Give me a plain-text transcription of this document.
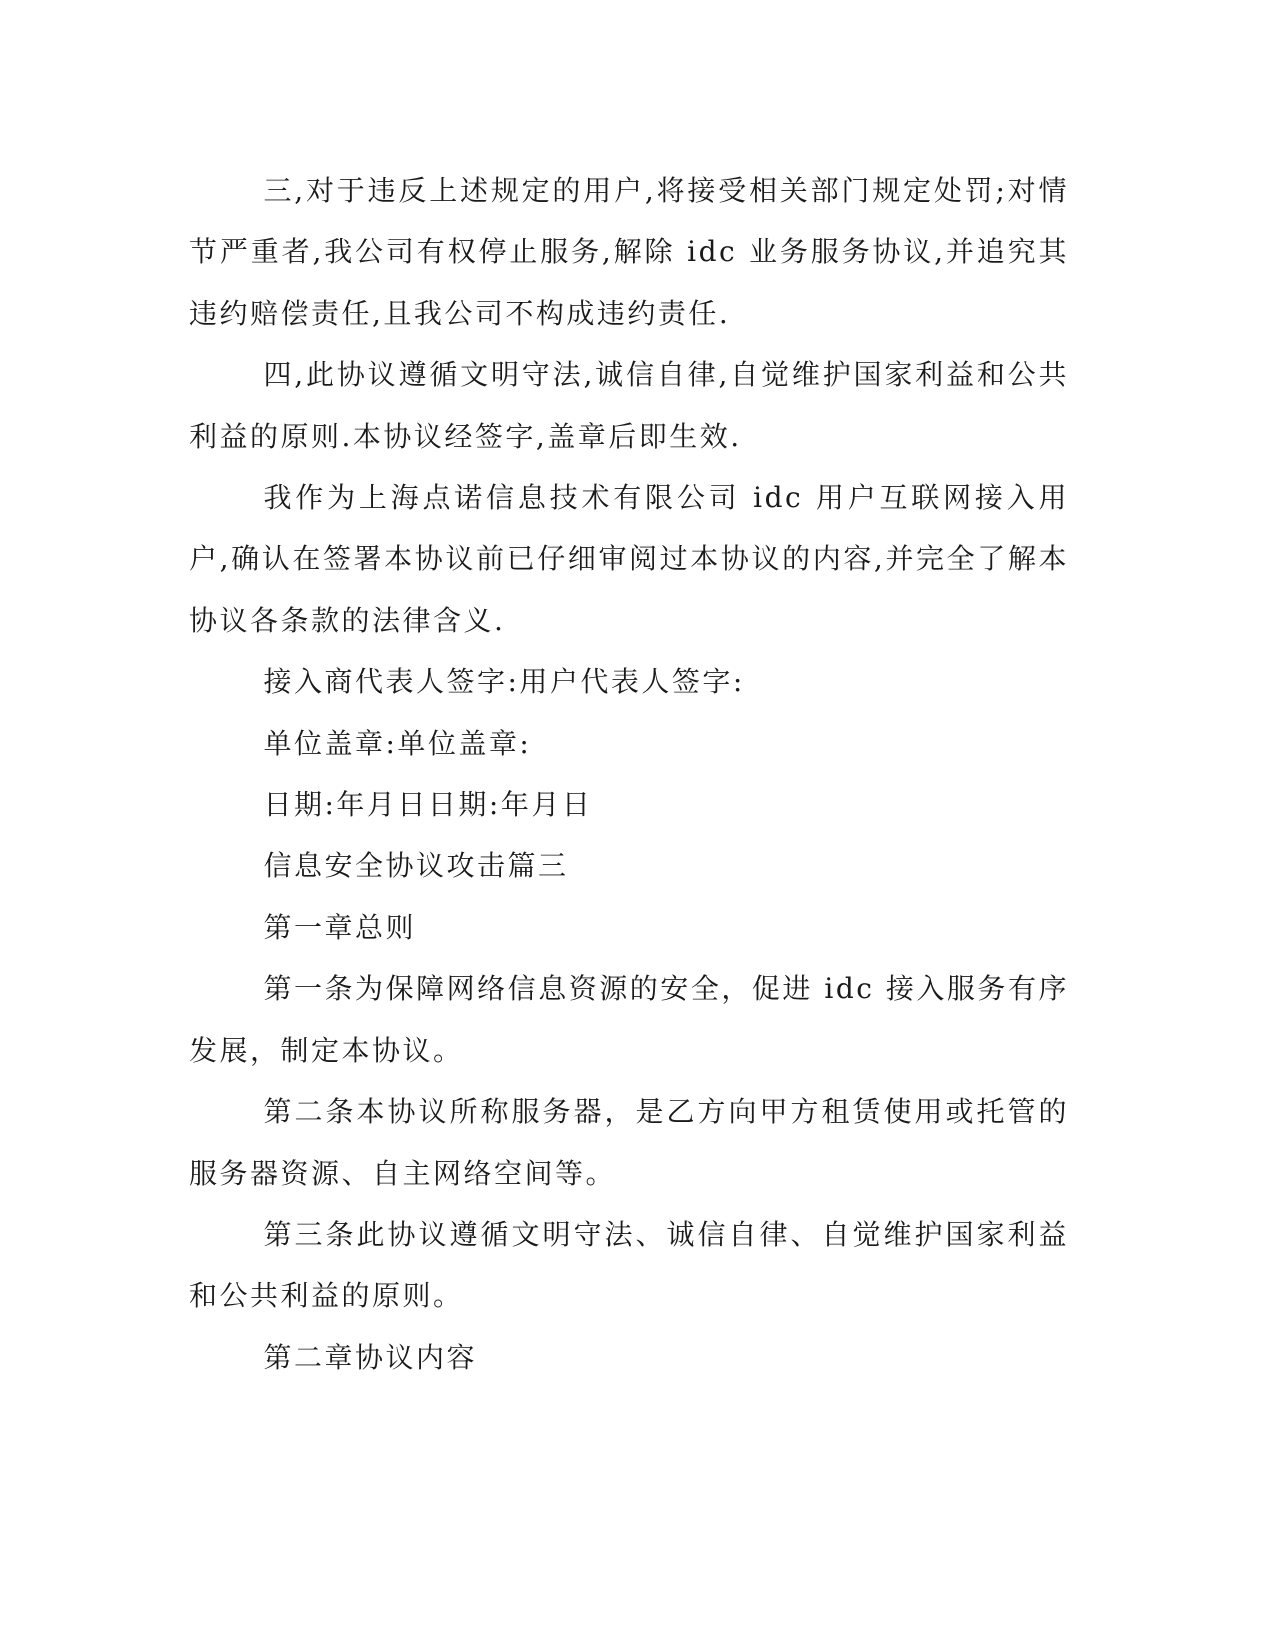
三,对于违反上述规定的用户,将接受相关部门规定处罚;对情节严重者,我公司有权停止服务,解除 idc 业务服务协议,并追究其违约赔偿责任,且我公司不构成违约责任.

四,此协议遵循文明守法,诚信自律,自觉维护国家利益和公共利益的原则.本协议经签字,盖章后即生效.

我作为上海点诺信息技术有限公司 idc 用户互联网接入用户,确认在签署本协议前已仔细审阅过本协议的内容,并完全了解本协议各条款的法律含义.

接入商代表人签字:用户代表人签字:

单位盖章:单位盖章:

日期:年月日日期:年月日

信息安全协议攻击篇三

第一章总则

第一条为保障网络信息资源的安全，促进 idc 接入服务有序发展，制定本协议。

第二条本协议所称服务器，是乙方向甲方租赁使用或托管的服务器资源、自主网络空间等。

第三条此协议遵循文明守法、诚信自律、自觉维护国家利益和公共利益的原则。

第二章协议内容
